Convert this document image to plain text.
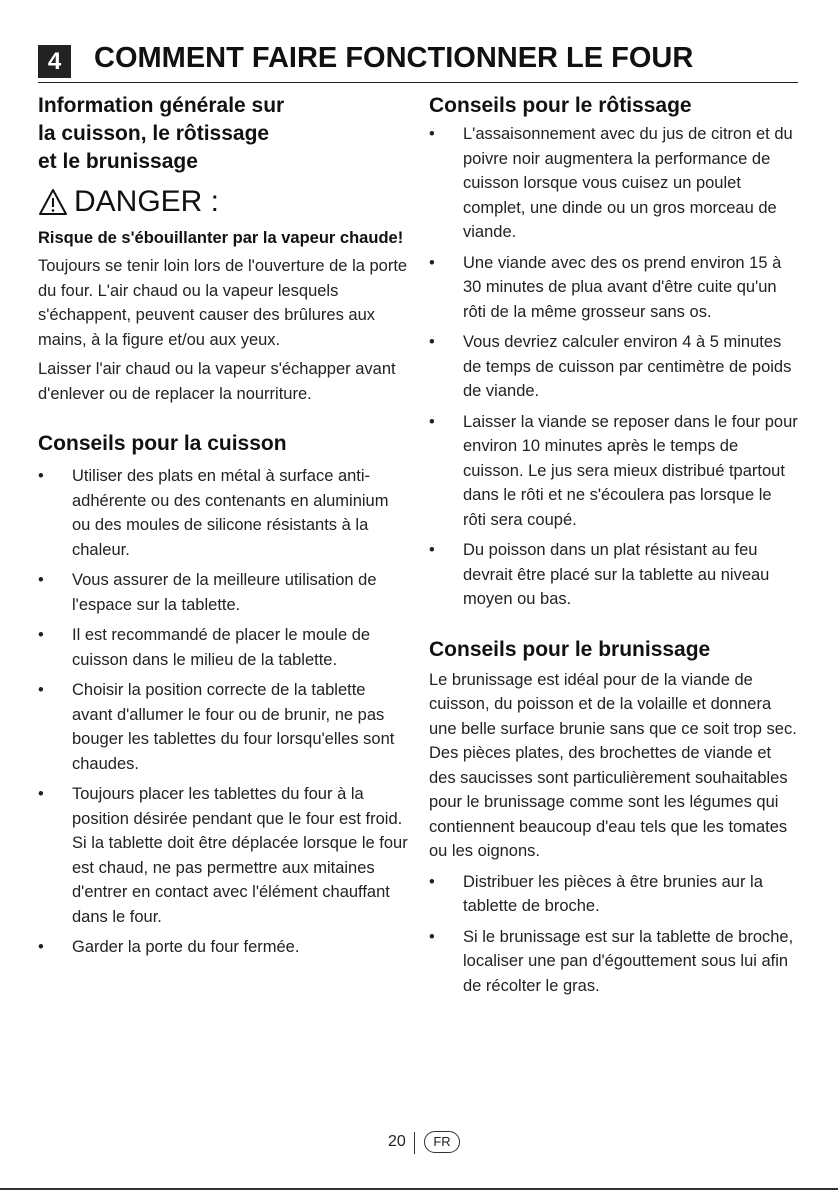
4	COMMENT FAIRE FONCTIONNER LE FOUR
Information générale sur
la cuisson, le rôtissage
et le brunissage
DANGER :
Risque de s'ébouillanter par la vapeur chaude!

Toujours se tenir loin lors de l'ouverture de la porte du four. L'air chaud ou la vapeur lesquels s'échappent, peuvent causer des brûlures aux mains, à la figure et/ou aux yeux.

Laisser l'air chaud ou la vapeur s'échapper avant d'enlever ou de replacer la nourriture.

Conseils pour la cuisson
• Utiliser des plats en métal à surface anti-adhérente ou des contenants en aluminium ou des moules de silicone résistants à la chaleur.
• Vous assurer de la meilleure utilisation de l'espace sur la tablette.
• Il est recommandé de placer le moule de cuisson dans le milieu de la tablette.
• Choisir la position correcte de la tablette avant d'allumer le four ou de brunir, ne pas bouger les tablettes du four lorsqu'elles sont chaudes.
• Toujours placer les tablettes du four à la position désirée pendant que le four est froid. Si la tablette doit être déplacée lorsque le four est chaud, ne pas permettre aux mitaines d'entrer en contact avec l'élément chauffant dans le four.
• Garder la porte du four fermée.
Conseils pour le rôtissage
• L'assaisonnement avec du jus de citron et du poivre noir augmentera la performance de cuisson lorsque vous cuisez un poulet complet, une dinde ou un gros morceau de viande.
• Une viande avec des os prend environ 15 à 30 minutes de plua avant d'être cuite qu'un rôti de la même grosseur sans os.
• Vous devriez calculer environ 4 à 5 minutes de temps de cuisson par centimètre de poids de viande.
• Laisser la viande se reposer dans le four pour environ 10 minutes après le temps de cuisson. Le jus sera mieux distribué tpartout dans le rôti et ne s'écoulera pas lorsque le rôti sera coupé.
• Du poisson dans un plat résistant au feu devrait être placé sur la tablette au niveau moyen ou bas.
Conseils pour le brunissage

Le brunissage est idéal pour de la viande de cuisson, du poisson et de la volaille et donnera une belle surface brunie sans que ce soit trop sec. Des pièces plates, des brochettes de viande et des saucisses sont particulièrement souhaitables pour le brunissage comme sont les légumes qui contiennent beaucoup d'eau tels que les tomates ou les oignons.

• Distribuer les pièces à être brunies aur la tablette de broche.
• Si le brunissage est sur la tablette de broche, localiser une pan d'égouttement sous lui afin de récolter le gras.
20	FR
